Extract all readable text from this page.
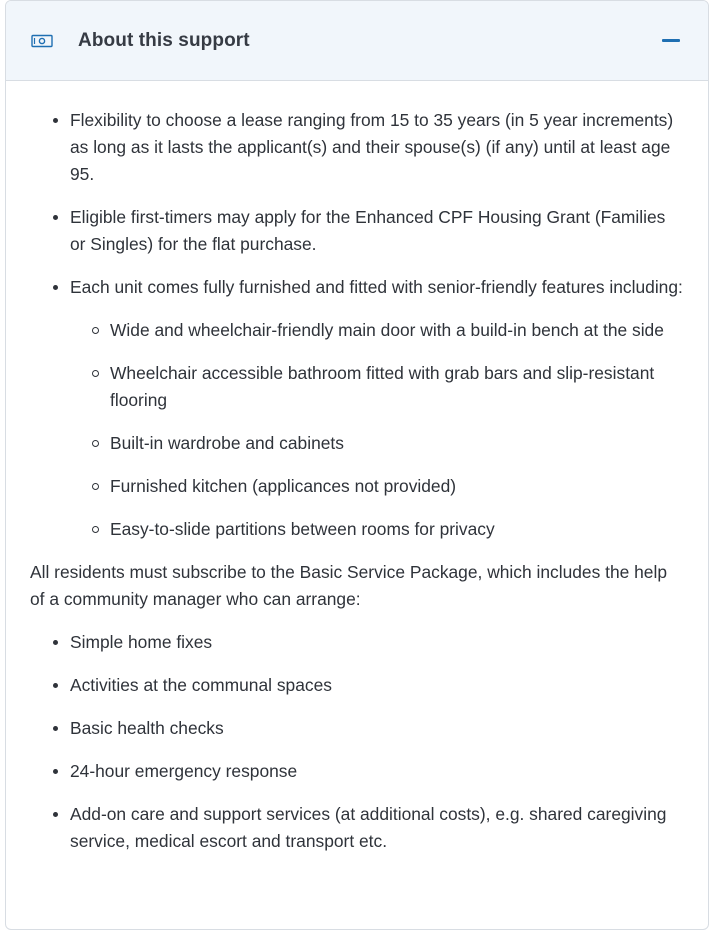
About this support
Flexibility to choose a lease ranging from 15 to 35 years (in 5 year increments) as long as it lasts the applicant(s) and their spouse(s) (if any) until at least age 95.
Eligible first-timers may apply for the Enhanced CPF Housing Grant (Families or Singles) for the flat purchase.
Each unit comes fully furnished and fitted with senior-friendly features including:
Wide and wheelchair-friendly main door with a build-in bench at the side
Wheelchair accessible bathroom fitted with grab bars and slip-resistant flooring
Built-in wardrobe and cabinets
Furnished kitchen (applicances not provided)
Easy-to-slide partitions between rooms for privacy

All residents must subscribe to the Basic Service Package, which includes the help of a community manager who can arrange:

Simple home fixes
Activities at the communal spaces
Basic health checks
24-hour emergency response
Add-on care and support services (at additional costs), e.g. shared caregiving service, medical escort and transport etc.
